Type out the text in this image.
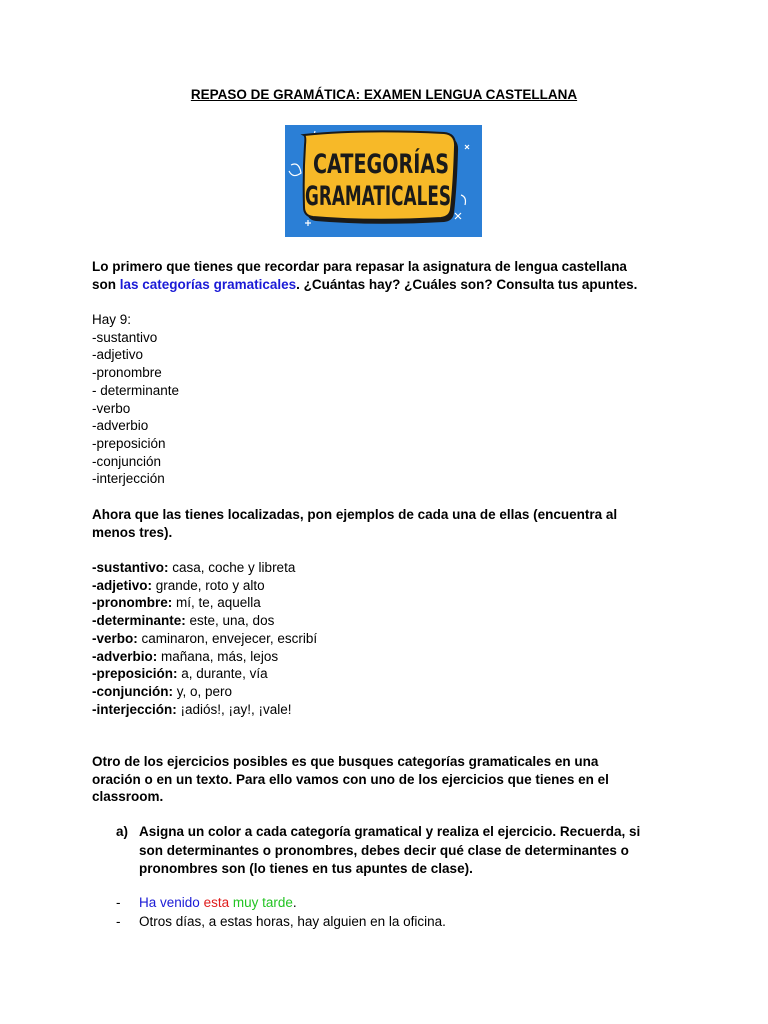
REPASO DE GRAMÁTICA: EXAMEN LENGUA CASTELLANA
CATEGORÍAS
GRAMATICALES
Lo primero que tienes que recordar para repasar la asignatura de lengua castellana
son las categorías gramaticales. ¿Cuántas hay? ¿Cuáles son? Consulta tus apuntes.
Hay 9:
-sustantivo
-adjetivo
-pronombre
- determinante
-verbo
-adverbio
-preposición
-conjunción
-interjección
Ahora que las tienes localizadas, pon ejemplos de cada una de ellas (encuentra al
menos tres).
-sustantivo: casa, coche y libreta
-adjetivo: grande, roto y alto
-pronombre: mí, te, aquella
-determinante: este, una, dos
-verbo: caminaron, envejecer, escribí
-adverbio: mañana, más, lejos
-preposición: a, durante, vía
-conjunción: y, o, pero
-interjección: ¡adiós!, ¡ay!, ¡vale!
Otro de los ejercicios posibles es que busques categorías gramaticales en una
oración o en un texto. Para ello vamos con uno de los ejercicios que tienes en el
classroom.
a) Asigna un color a cada categoría gramatical y realiza el ejercicio. Recuerda, si
son determinantes o pronombres, debes decir qué clase de determinantes o
pronombres son (lo tienes en tus apuntes de clase).
- Ha venido esta muy tarde.
- Otros días, a estas horas, hay alguien en la oficina.
